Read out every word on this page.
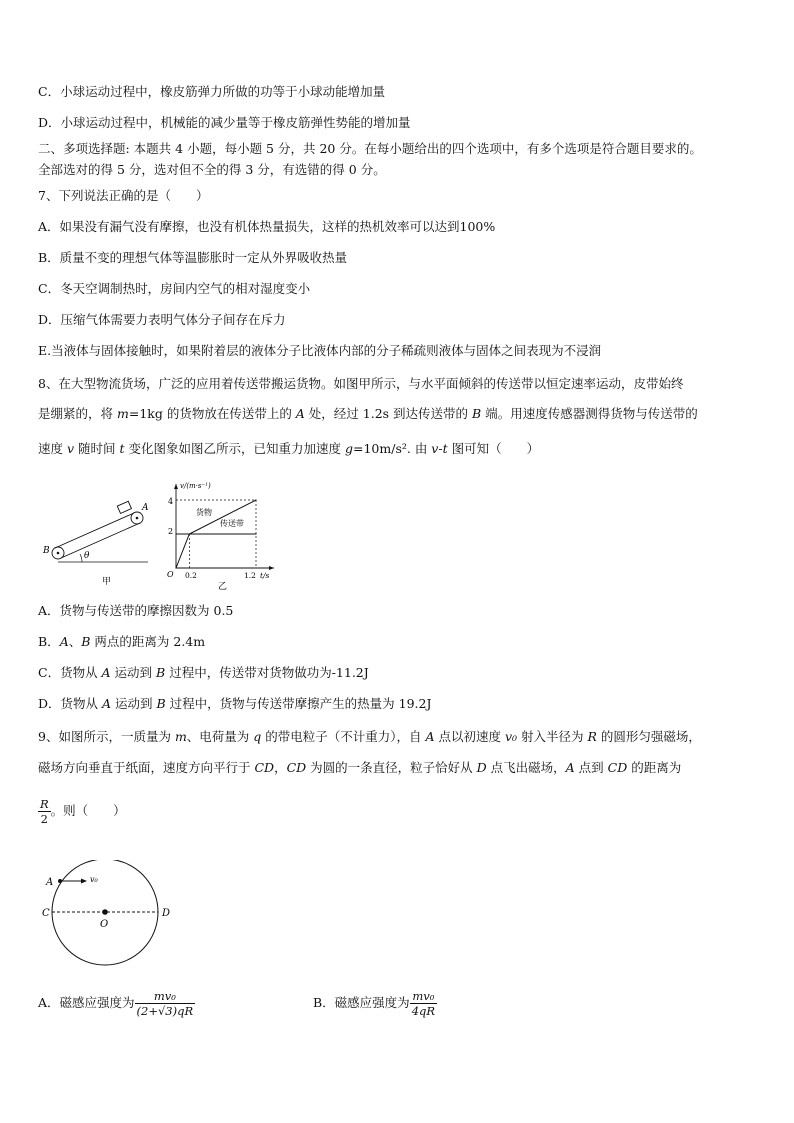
C．小球运动过程中，橡皮筋弹力所做的功等于小球动能增加量
D．小球运动过程中，机械能的减少量等于橡皮筋弹性势能的增加量
二、多项选择题: 本题共 4 小题，每小题 5 分，共 20 分。在每小题给出的四个选项中，有多个选项是符合题目要求的。
全部选对的得 5 分，选对但不全的得 3 分，有选错的得 0 分。
7、下列说法正确的是（　　）
A．如果没有漏气没有摩擦，也没有机体热量损失，这样的热机效率可以达到100%
B．质量不变的理想气体等温膨胀时一定从外界吸收热量
C．冬天空调制热时，房间内空气的相对湿度变小
D．压缩气体需要力表明气体分子间存在斥力
E.当液体与固体接触时，如果附着层的液体分子比液体内部的分子稀疏则液体与固体之间表现为不浸润
8、在大型物流货场，广泛的应用着传送带搬运货物。如图甲所示，与水平面倾斜的传送带以恒定速率运动，皮带始终
是绷紧的，将 m=1kg 的货物放在传送带上的 A 处，经过 1.2s 到达传送带的 B 端。用速度传感器测得货物与传送带的
速度 v 随时间 t 变化图象如图乙所示，已知重力加速度 g=10m/s². 由 v-t 图可知（　　）
A
B	θ
甲
v/(m·s⁻¹)
t/s
O
4
2
0.2	1.2
货物
传送带
乙
A．货物与传送带的摩擦因数为 0.5
B．A、B 两点的距离为 2.4m
C．货物从 A 运动到 B 过程中，传送带对货物做功为-11.2J
D．货物从 A 运动到 B 过程中，货物与传送带摩擦产生的热量为 19.2J
9、如图所示，一质量为 m、电荷量为 q 的带电粒子（不计重力），自 A 点以初速度 v₀ 射入半径为 R 的圆形匀强磁场，
磁场方向垂直于纸面，速度方向平行于 CD，CD 为圆的一条直径，粒子恰好从 D 点飞出磁场，A 点到 CD 的距离为
$\frac{R}{2}$ 。则（　　）
A	v₀
C
O
D
A．磁感应强度为 $\frac{\text{mv₀}}{(2+√3)qR}$	B．磁感应强度为 $\frac{\text{mv₀}}{4qR}$
